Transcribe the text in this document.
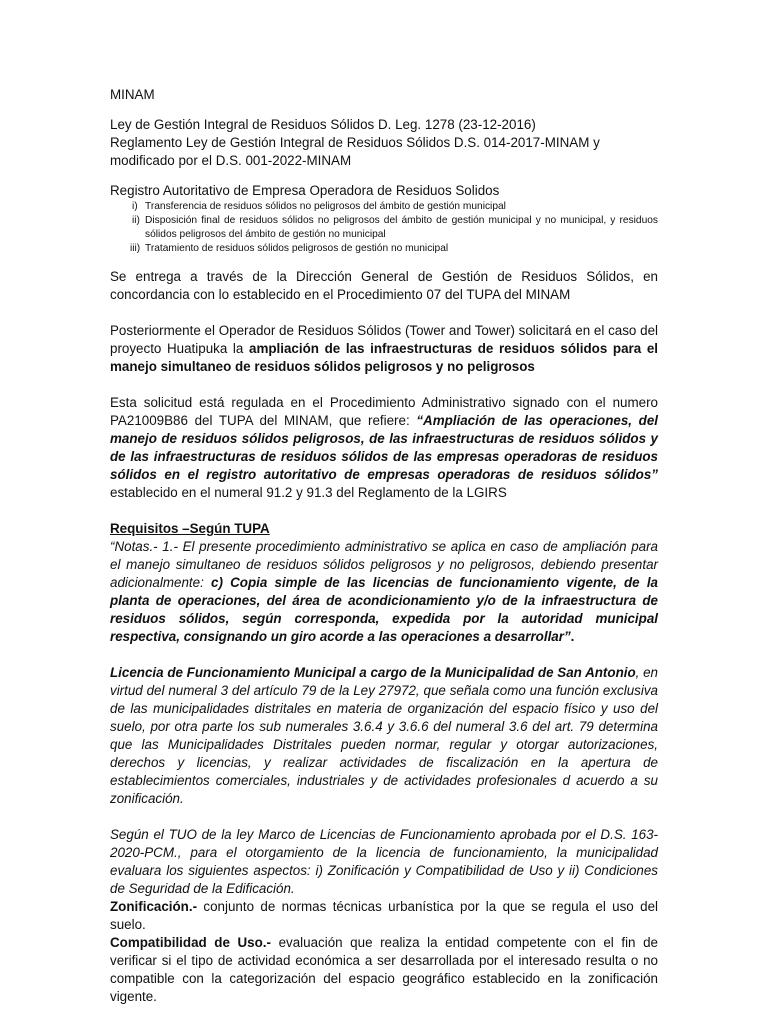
MINAM

Ley de Gestión Integral de Residuos Sólidos D. Leg. 1278 (23-12-2016)

Reglamento Ley de Gestión Integral de Residuos Sólidos D.S. 014-2017-MINAM y modificado por el D.S. 001-2022-MINAM

Registro Autoritativo de Empresa Operadora de Residuos Solidos

i) Transferencia de residuos sólidos no peligrosos del ámbito de gestión municipal
ii) Disposición final de residuos sólidos no peligrosos del ámbito de gestión municipal y no municipal, y residuos sólidos peligrosos del ámbito de gestión no municipal
iii) Tratamiento de residuos sólidos peligrosos de gestión no municipal

Se entrega a través de la Dirección General de Gestión de Residuos Sólidos, en concordancia con lo establecido en el Procedimiento 07 del TUPA del MINAM

Posteriormente el Operador de Residuos Sólidos (Tower and Tower) solicitará en el caso del proyecto Huatipuka la ampliación de las infraestructuras de residuos sólidos para el manejo simultaneo de residuos sólidos peligrosos y no peligrosos

Esta solicitud está regulada en el Procedimiento Administrativo signado con el numero PA21009B86 del TUPA del MINAM, que refiere: “Ampliación de las operaciones, del manejo de residuos sólidos peligrosos, de las infraestructuras de residuos sólidos y de las infraestructuras de residuos sólidos de las empresas operadoras de residuos sólidos en el registro autoritativo de empresas operadoras de residuos sólidos” establecido en el numeral 91.2 y 91.3 del Reglamento de la LGIRS

Requisitos –Según TUPA

“Notas.- 1.- El presente procedimiento administrativo se aplica en caso de ampliación para el manejo simultaneo de residuos sólidos peligrosos y no peligrosos, debiendo presentar adicionalmente: c) Copia simple de las licencias de funcionamiento vigente, de la planta de operaciones, del área de acondicionamiento y/o de la infraestructura de residuos sólidos, según corresponda, expedida por la autoridad municipal respectiva, consignando un giro acorde a las operaciones a desarrollar”.

Licencia de Funcionamiento Municipal a cargo de la Municipalidad de San Antonio, en virtud del numeral 3 del artículo 79 de la Ley 27972, que señala como una función exclusiva de las municipalidades distritales en materia de organización del espacio físico y uso del suelo, por otra parte los sub numerales 3.6.4 y 3.6.6 del numeral 3.6 del art. 79 determina que las Municipalidades Distritales pueden normar, regular y otorgar autorizaciones, derechos y licencias, y realizar actividades de fiscalización en la apertura de establecimientos comerciales, industriales y de actividades profesionales d acuerdo a su zonificación.

Según el TUO de la ley Marco de Licencias de Funcionamiento aprobada por el D.S. 163-2020-PCM., para el otorgamiento de la licencia de funcionamiento, la municipalidad evaluara los siguientes aspectos: i) Zonificación y Compatibilidad de Uso y ii) Condiciones de Seguridad de la Edificación.

Zonificación.- conjunto de normas técnicas urbanística por la que se regula el uso del suelo.

Compatibilidad de Uso.- evaluación que realiza la entidad competente con el fin de verificar si el tipo de actividad económica a ser desarrollada por el interesado resulta o no compatible con la categorización del espacio geográfico establecido en la zonificación vigente.
